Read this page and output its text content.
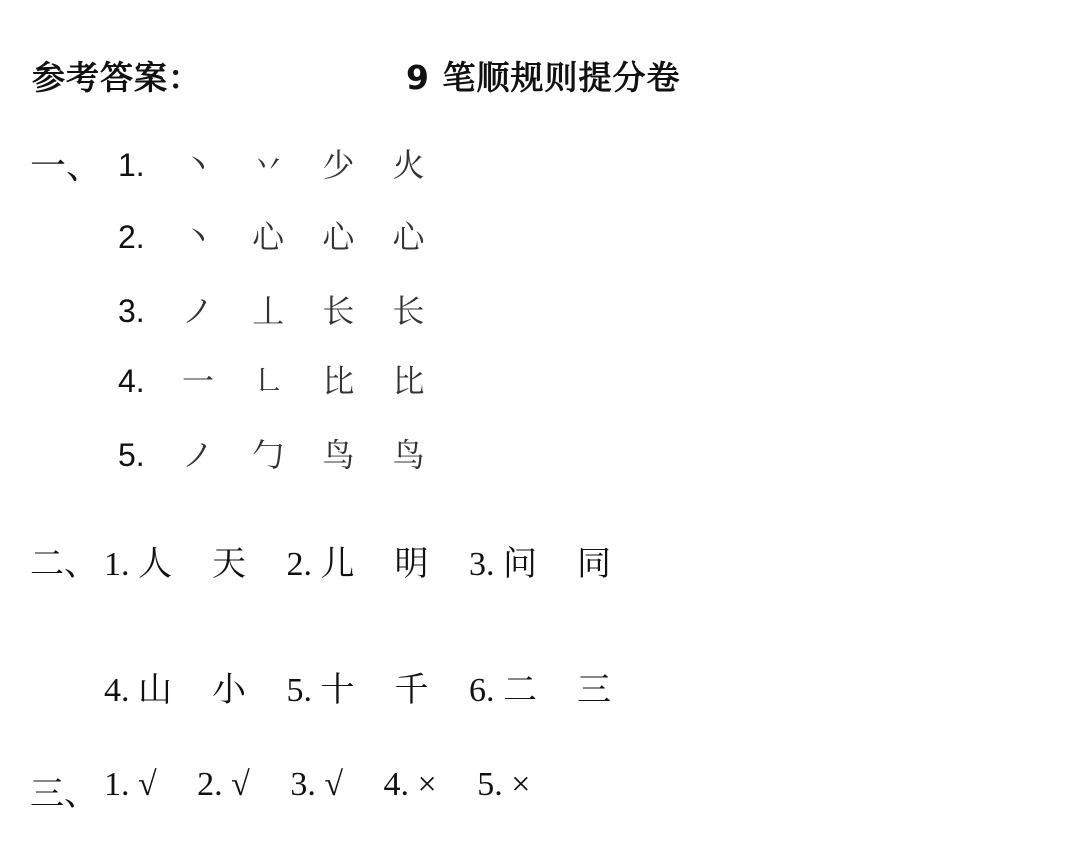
参考答案：	9 笔顺规则提分卷
一、 1. 丶 丷 少 火
2. 丶 心 心 心
3. ノ 丄 长 长
4. 一 ㇗ 比 比
5. ノ 勹 鸟 鸟
二、 1. 人 天 2. 儿 明 3. 问 同
4. 山 小 5. 十 千 6. 二 三
三、 1. √ 2. √ 3. √ 4. × 5. ×
